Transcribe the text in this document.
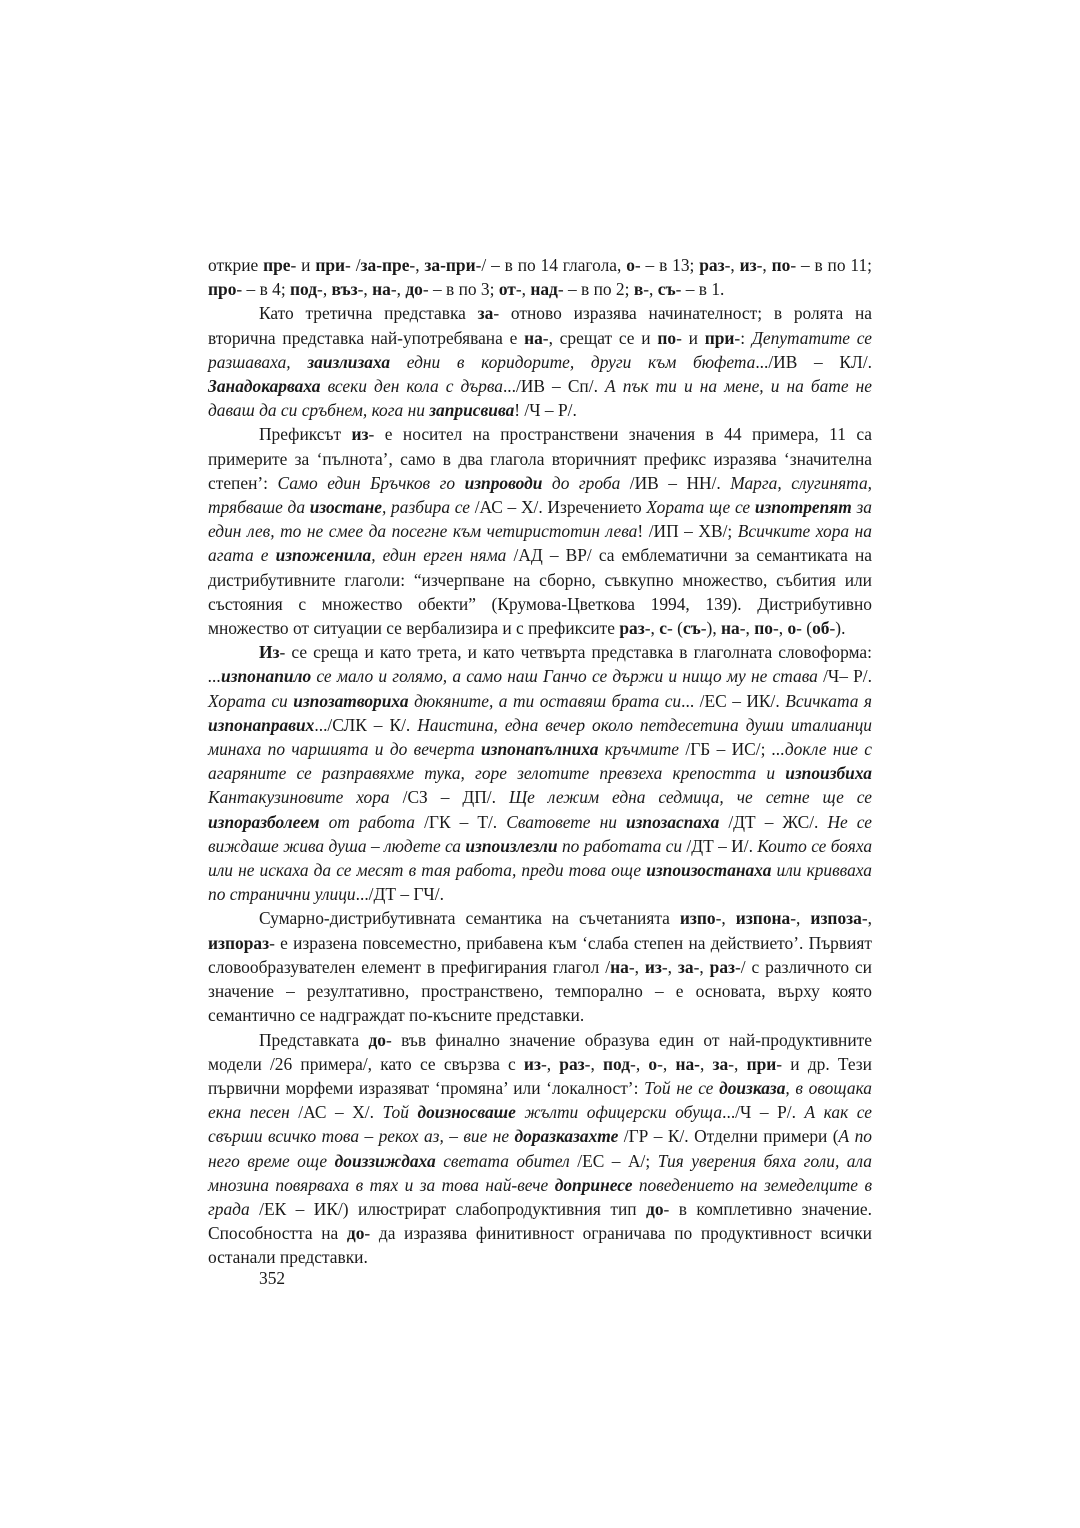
открие пре- и при- /за-пре-, за-при-/ – в по 14 глагола, о- – в 13; раз-, из-, по- – в по 11; про- – в 4; под-, въз-, на-, до- – в по 3; от-, над- – в по 2; в-, съ- – в 1.

Като третична представка за- отново изразява начинателност; в ролята на вторична представка най-употребявана е на-, срещат се и по- и при-: Депутатите се разшаваха, заизлизаха едни в коридорите, други към бюфета.../ИВ – КЛ/. Занадокарваха всеки ден кола с дърва.../ИВ – Сп/. А пък ти и на мене, и на бате не даваш да си сръбнем, кога ни заприсвива! /Ч – Р/.

Префиксът из- е носител на пространствени значения в 44 примера, 11 са примерите за ‘пълнота’, само в два глагола вторичният префикс изразява ‘значителна степен’: Само един Бръчков го изпроводи до гроба /ИВ – НН/. Марга, слугинята, трябваше да изостане, разбира се /АС – Х/. Изречението Хората ще се изпотрепят за един лев, то не смее да посегне към четиристотин лева! /ИП – ХВ/; Всичките хора на агата е изпожeнила, един ерген няма /АД – ВР/ са емблематични за семантиката на дистрибутивните глаголи: “изчерпване на сборно, съвкупно множество, събития или състояния с множество обекти” (Крумова-Цветкова 1994, 139). Дистрибутивно множество от ситуации се вербализира и с префиксите раз-, с- (съ-), на-, по-, о- (об-).

Из- се среща и като трета, и като четвърта представка в глаголната словоформа: ...изпонапило се мало и голямо, а само наш Ганчо се държи и нищо му не става /Ч– Р/. Хората си изпозатвориха дюкяните, а ти оставяш брата си... /ЕС – ИК/. Всичката я изпонаправих.../СЛК – К/. Наистина, една вечер около петдесетина души италианци минаха по чаршията и до вечерта изпонапълниха кръчмите /ГБ – ИС/; ...докле ние с агаряните се разправяхме тука, горе зелотите превзеха крепостта и изпоизбиха Кантакузиновите хора /СЗ – ДП/. Ще лежим една седмица, че сетне ще се изпоразболеем от работа /ГК – Т/. Сватовете ни изпозаспаха /ДТ – ЖС/. Не се виждаше жива душа – людете са изпоизлезли по работата си /ДТ – И/. Които се бояха или не искаха да се месят в тая работа, преди това още изпоизостанаха или кривваха по странични улици.../ДТ – ГЧ/.

Сумарно-дистрибутивната семантика на съчетанията изпо-, изпона-, изпоза-, изпораз- е изразена повсеместно, прибавена към ‘слаба степен на действието’. Първият словообразувателен елемент в префигирания глагол /на-, из-, за-, раз-/ с различното си значение – резултативно, пространствено, темпорално – е основата, върху която семантично се надграждат по-късните представки.

Представката до- във финално значение образува един от най-продуктивните модели /26 примера/, като се свързва с из-, раз-, под-, о-, на-, за-, при- и др. Тези първични морфеми изразяват ‘промяна’ или ‘локалност’: Той не се доизказа, в овощака екна песен /АС – Х/. Той доизносваше жълти офицерски обуща.../Ч – Р/. А как се свърши всичко това – рекох аз, – вие не доразказахте /ГР – К/. Отделни примери (А по него време още доиззиждаха светата обител /ЕС – А/; Тия уверения бяха голи, ала мнозина повярваха в тях и за това най-вече допринесе поведението на земеделците в града /ЕК – ИК/) илюстрират слабопродуктивния тип до- в комплетивно значение. Способността на до- да изразява финитивност ограничава по продуктивност всички останали представки.

352
